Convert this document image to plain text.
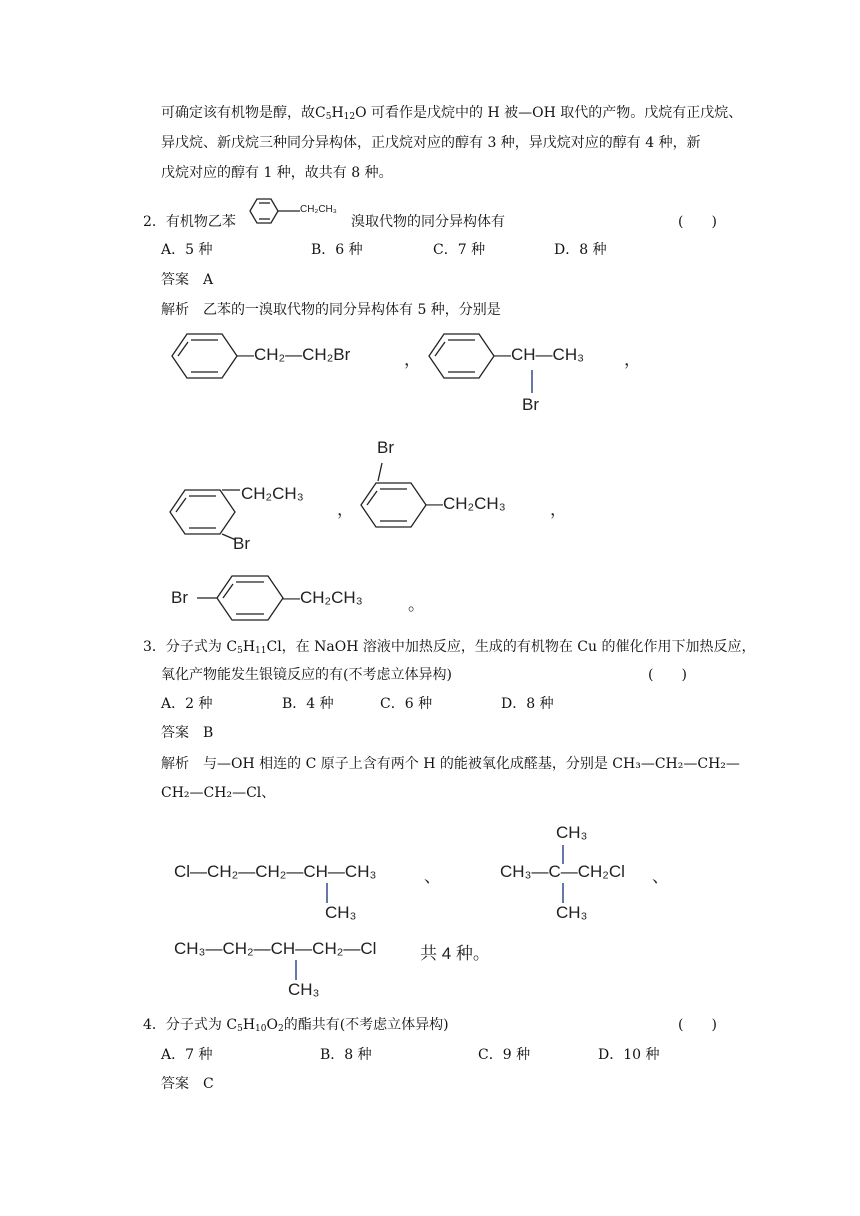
可确定该有机物是醇，故$C_5H_{12}O$ 可看作是戊烷中的 H 被—OH 取代的产物。戊烷有正戊烷、
异戊烷、新戊烷三种同分异构体，正戊烷对应的醇有 3 种，异戊烷对应的醇有 4 种，新
戊烷对应的醇有 1 种，故共有 8 种。
2．有机物乙苯
CH₂CH₃
溴取代物的同分异构体有	(　　)
A．5 种	B．6 种	C．7 种	D．8 种
答案　A
解析　乙苯的一溴取代物的同分异构体有 5 种，分别是
—CH₂—CH₂Br	，	—CH—CH₃ ，
Br
CH₂CH₃
Br
，
Br
—CH₂CH₃	，
Br	—CH₂CH₃	。
3．分子式为 $C_5H_{11}Cl$，在 NaOH 溶液中加热反应，生成的有机物在 Cu 的催化作用下加热反应，
氧化产物能发生银镜反应的有(不考虑立体异构)	(　　)
A．2 种	B．4 种	C．6 种	D．8 种
答案　B
解析　与—OH 相连的 C 原子上含有两个 H 的能被氧化成醛基，分别是 CH₃—CH₂—CH₂—
CH₂—CH₂—Cl、
Cl—CH₂—CH₂—CH—CH₃	、
CH₃
CH₃
CH₃—C—CH₂Cl 、
CH₃
CH₃—CH₂—CH—CH₂—Cl	共 4 种。
CH₃
4．分子式为 $C_5H_{10}O_2$的酯共有(不考虑立体异构)	(　　)
A．7 种	B．8 种	C．9 种	D．10 种
答案　C
